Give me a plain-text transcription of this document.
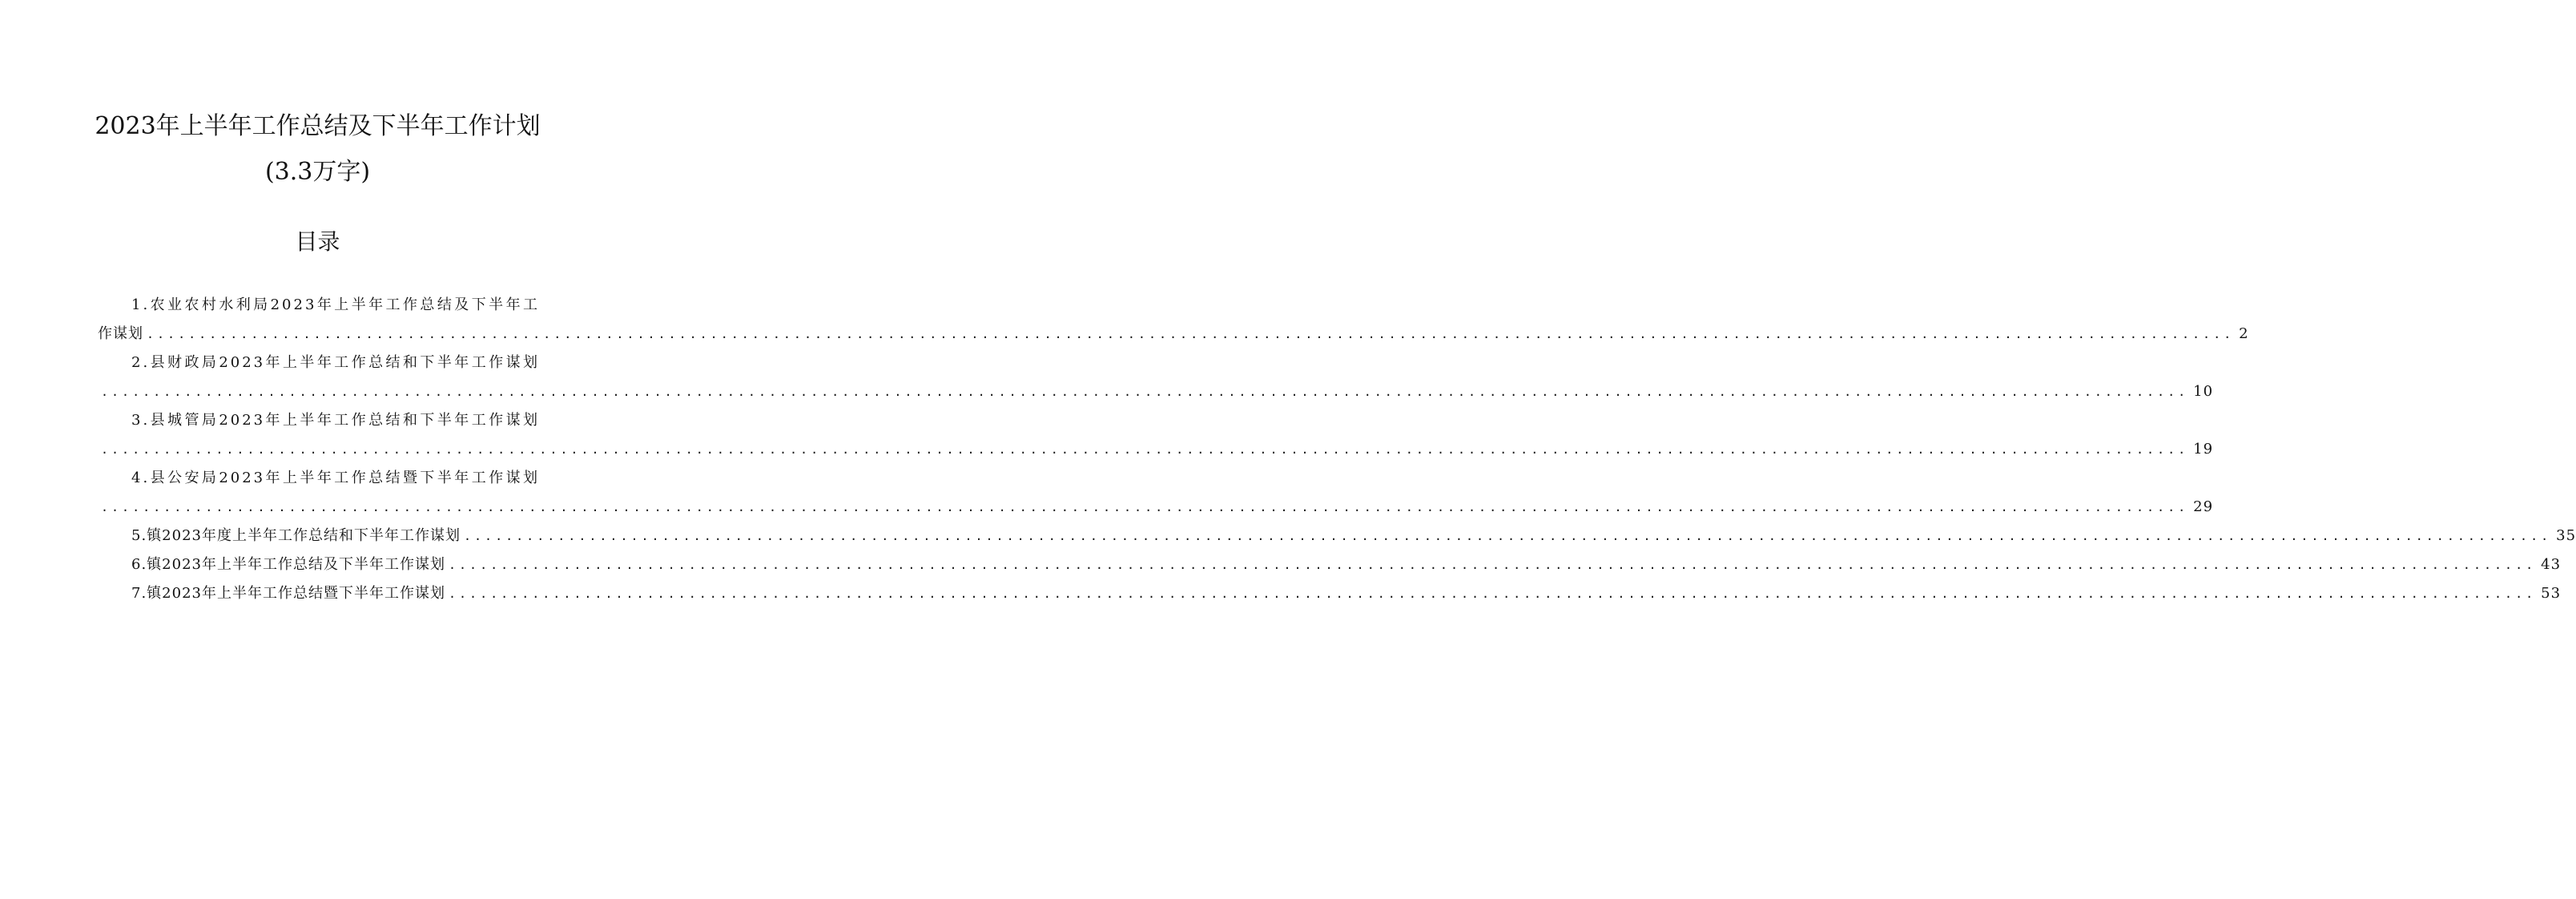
2023年上半年工作总结及下半年工作计划
(3.3万字)
目录
1.农业农村水利局2023年上半年工作总结及下半年工
作谋划 ........................................................................................................................................................................................................ 2
2.县财政局2023年上半年工作总结和下半年工作谋划
........................................................................................................................................................................................................ 10
3.县城管局2023年上半年工作总结和下半年工作谋划
........................................................................................................................................................................................................ 19
4.县公安局2023年上半年工作总结暨下半年工作谋划
........................................................................................................................................................................................................ 29
5.镇2023年度上半年工作总结和下半年工作谋划 ........................................................................................................................................................................................................ 35
6.镇2023年上半年工作总结及下半年工作谋划 ........................................................................................................................................................................................................ 43
7.镇2023年上半年工作总结暨下半年工作谋划 ........................................................................................................................................................................................................ 53
